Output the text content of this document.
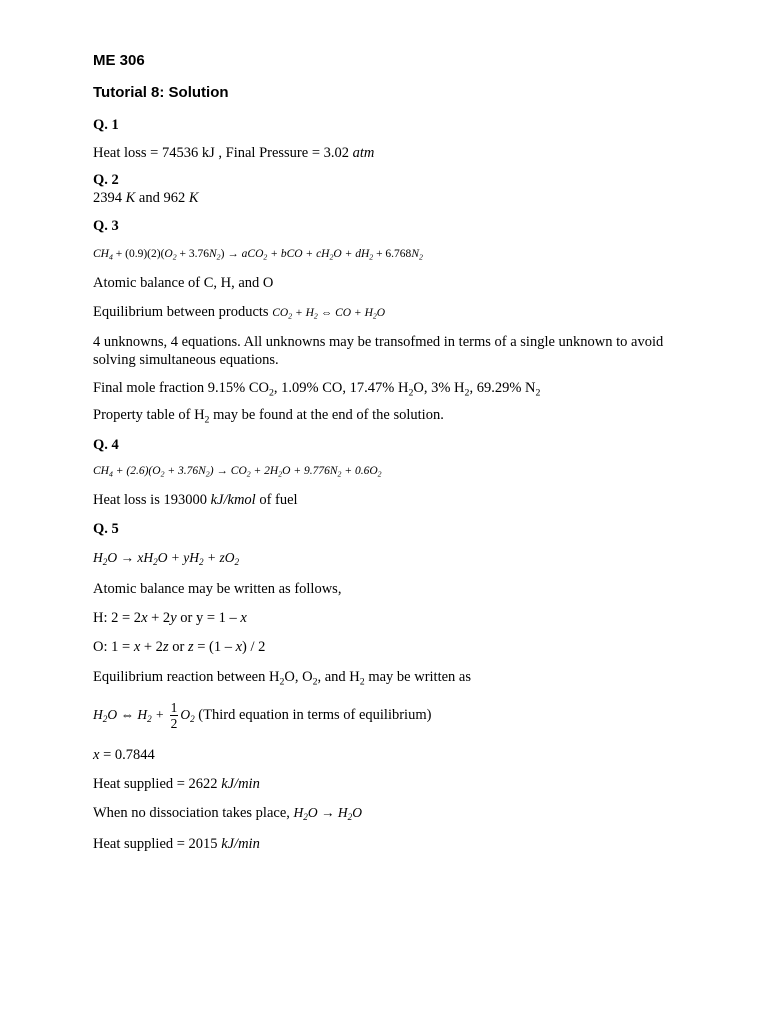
ME 306
Tutorial 8: Solution
Q. 1
Heat loss = 74536 kJ , Final Pressure = 3.02 atm
Q. 2
2394 K and 962 K
Q. 3
$CH_4 + (0.9)(2)(O_2 + 3.76N_2) \to aCO_2$ + bCO + $cH_2O + dH_2 + 6.768N_2$
Atomic balance of C, H, and O
Equilibrium between products $CO_2 + H_2$ ⇔ CO + $H_2O$
4 unknowns, 4 equations. All unknowns may be transofmed in terms of a single unknown to avoid solving simultaneous equations.
Final mole fraction 9.15% $CO_2$, 1.09% CO, 17.47% $H_2O$, 3% $H_2$, 69.29% $N_2$
Property table of $H_2$ may be found at the end of the solution.
Q. 4
$CH_4 + (2.6)(O_2 + 3.76N_2) \to CO_2 + 2H_2O + 9.776N_2 + 0.6O_2$
Heat loss is 193000 kJ/kmol of fuel
Q. 5
$H_2O \to xH_2O + yH_2 + zO_2$
Atomic balance may be written as follows,
H: 2 = 2x + 2y or y = 1 – x
O: 1 = x + 2z or z = (1 – x) / 2
Equilibrium reaction between $H_2O$, $O_2$, and $H_2$ may be written as
$H_2O$ ⇔ $H_2 + \frac{1}{2} O_2$ (Third equation in terms of equilibrium)
x = 0.7844
Heat supplied = 2622 kJ/min
When no dissociation takes place, $H_2O \to H_2O$
Heat supplied = 2015 kJ/min
